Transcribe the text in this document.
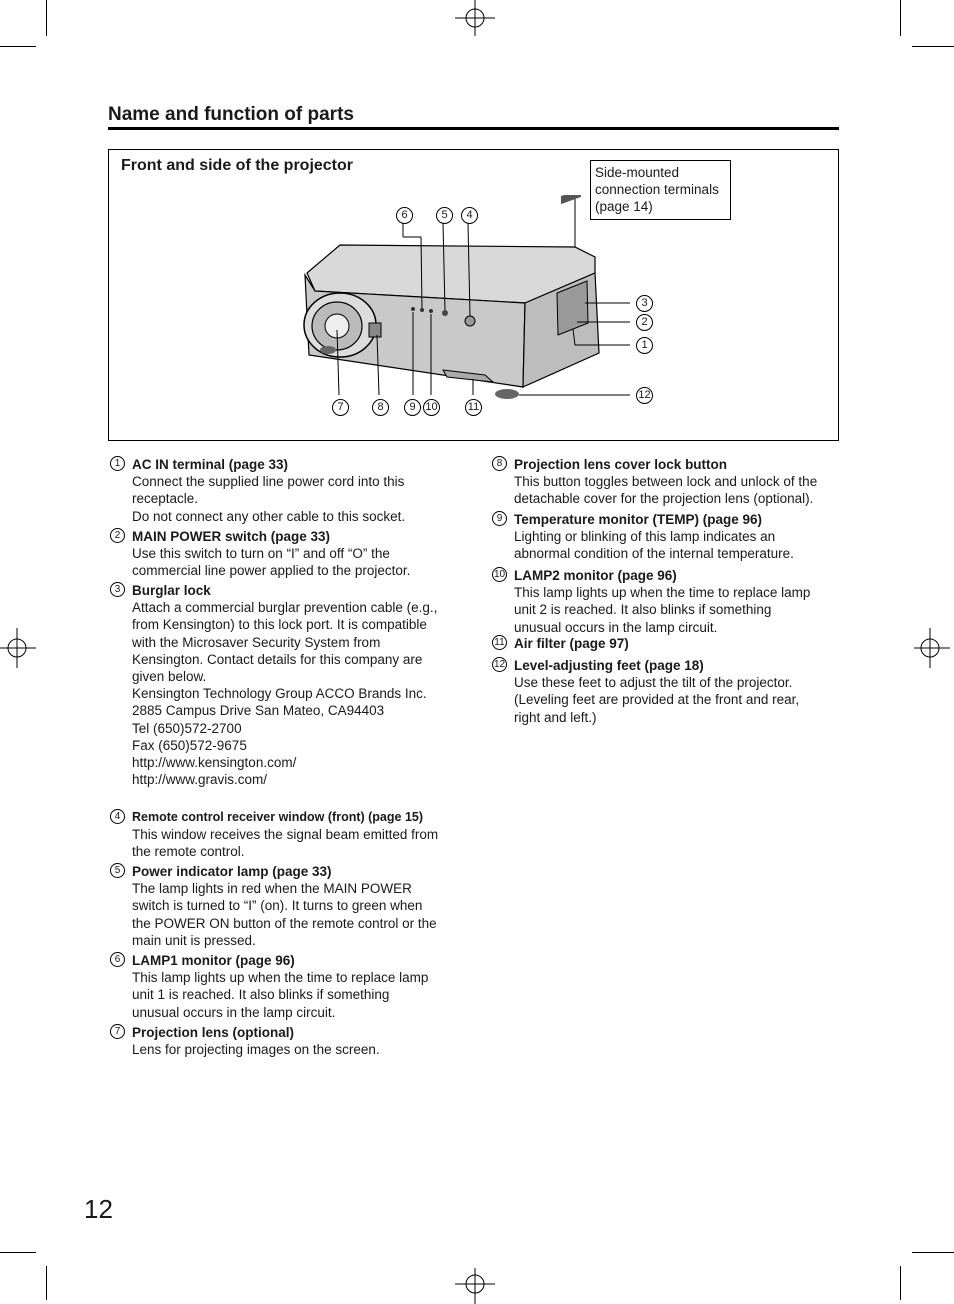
Name and function of parts
Front and side of the projector	Side-mounted
connection terminals
(page 14)
6	5	4
3
2
1
12
7	8	9 10	11
1 AC IN terminal (page 33)
Connect the supplied line power cord into this
receptacle.
Do not connect any other cable to this socket.
2 MAIN POWER switch (page 33)
Use this switch to turn on “I” and off “O” the
commercial line power applied to the projector.
3 Burglar lock
Attach a commercial burglar prevention cable (e.g.,
from Kensington) to this lock port. It is compatible
with the Microsaver Security System from
Kensington. Contact details for this company are
given below.
Kensington Technology Group ACCO Brands Inc.
2885 Campus Drive San Mateo, CA94403
Tel (650)572-2700
Fax (650)572-9675
http://www.kensington.com/
http://www.gravis.com/
4 Remote control receiver window (front) (page 15)
This window receives the signal beam emitted from
the remote control.
5 Power indicator lamp (page 33)
The lamp lights in red when the MAIN POWER
switch is turned to “I” (on). It turns to green when
the POWER ON button of the remote control or the
main unit is pressed.
6 LAMP1 monitor (page 96)
This lamp lights up when the time to replace lamp
unit 1 is reached. It also blinks if something
unusual occurs in the lamp circuit.
7 Projection lens (optional)
Lens for projecting images on the screen.
8 Projection lens cover lock button
This button toggles between lock and unlock of the
detachable cover for the projection lens (optional).
9 Temperature monitor (TEMP) (page 96)
Lighting or blinking of this lamp indicates an
abnormal condition of the internal temperature.
10 LAMP2 monitor (page 96)
This lamp lights up when the time to replace lamp
unit 2 is reached. It also blinks if something
unusual occurs in the lamp circuit.
11 Air filter (page 97)
12 Level-adjusting feet (page 18)
Use these feet to adjust the tilt of the projector.
(Leveling feet are provided at the front and rear,
right and left.)
12
